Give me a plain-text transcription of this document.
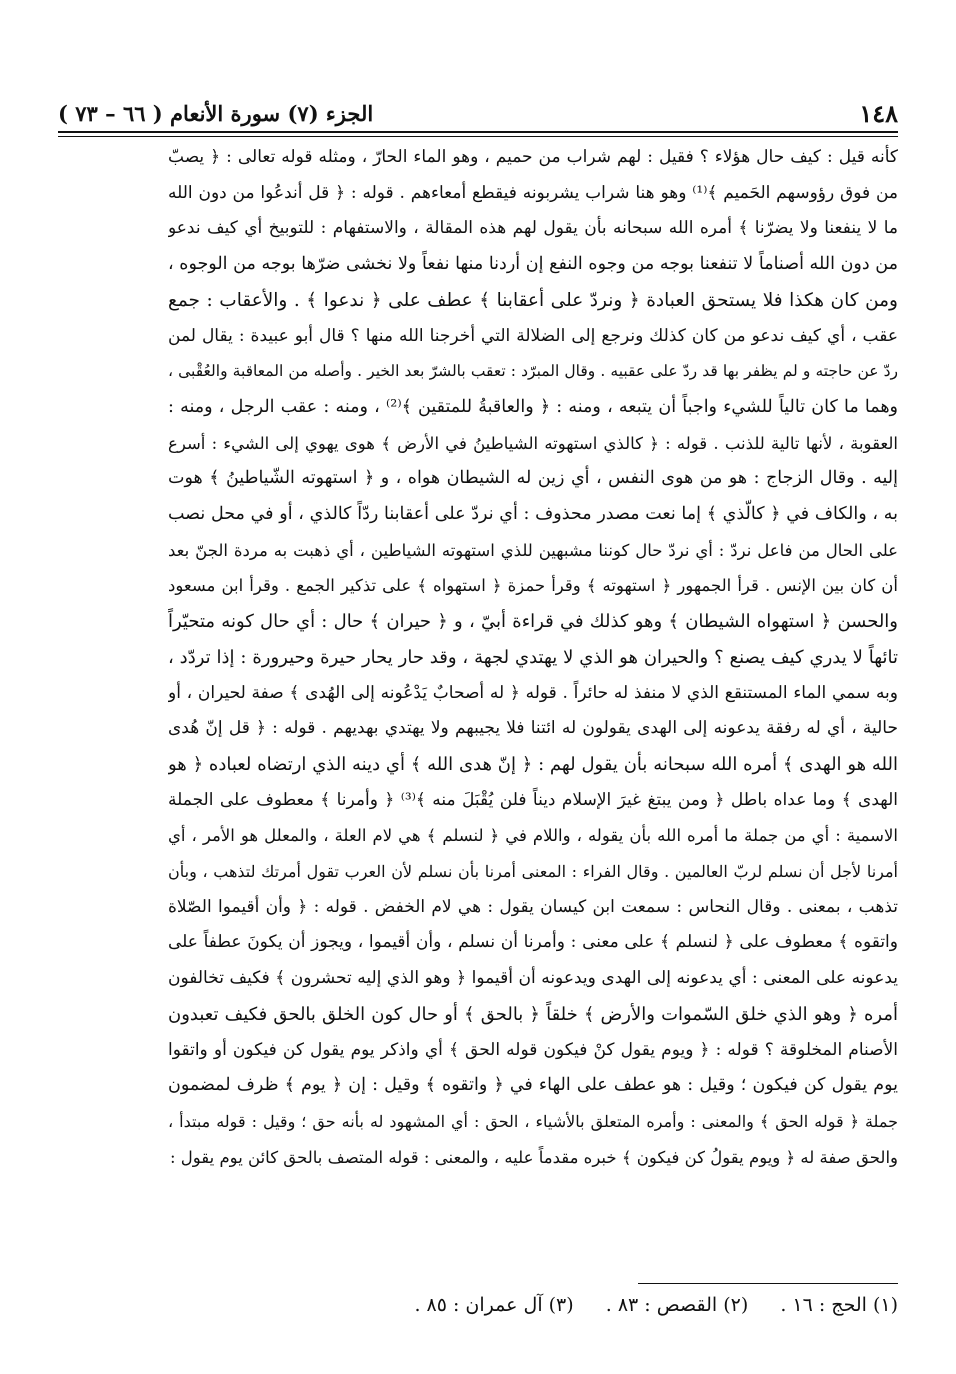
١٤٨
الجزء (٧) سورة الأنعام ( ٦٦ – ٧٣ )
كأنه قيل : كيف حال هؤلاء ؟ فقيل : لهم شراب من حميم ، وهو الماء الحارّ ، ومثله قوله تعالى : ﴿ يصبّ
من فوق رؤوسهم الحَميم ﴾⁽¹⁾ وهو هنا شراب يشربونه فيقطع أمعاءهم . قوله : ﴿ قل أندعُوا من دون الله
ما لا ينفعنا ولا يضرّنا ﴾ أمره الله سبحانه بأن يقول لهم هذه المقالة ، والاستفهام : للتوبيخ أي كيف ندعو
من دون الله أصناماً لا تنفعنا بوجه من وجوه النفع إن أردنا منها نفعاً ولا نخشى ضرّها بوجه من الوجوه ،
ومن كان هكذا فلا يستحق العبادة ﴿ ونردّ على أعقابنا ﴾ عطف على ﴿ ندعوا ﴾ . والأعقاب : جمع
عقب ، أي كيف ندعو من كان كذلك ونرجع إلى الضلالة التي أخرجنا الله منها ؟ قال أبو عبيدة : يقال لمن
ردّ عن حاجته و لم يظفر بها قد ردّ على عقبيه . وقال المبرّد : تعقب بالشرّ بعد الخير . وأصله من المعاقبة والعُقْبى ،
وهما ما كان تالياً للشيء واجباً أن يتبعه ، ومنه : ﴿ والعاقبةُ للمتقين ﴾⁽²⁾ ، ومنه : عقب الرجل ، ومنه :
العقوبة ، لأنها تالية للذنب . قوله : ﴿ كالذي استهوته الشياطينُ في الأرض ﴾ هوى يهوي إلى الشيء : أسرع
إليه . وقال الزجاج : هو من هوى النفس ، أي زين له الشيطان هواه ، و ﴿ استهوته الشّياطينُ ﴾ هوت
به ، والكاف في ﴿ كالّذي ﴾ إما نعت مصدر محذوف : أي نردّ على أعقابنا ردّاً كالذي ، أو في محل نصب
على الحال من فاعل نردّ : أي نردّ حال كوننا مشبهين للذي استهوته الشياطين ، أي ذهبت به مردة الجنّ بعد
أن كان بين الإنس . قرأ الجمهور ﴿ استهوته ﴾ وقرأ حمزة ﴿ استهواه ﴾ على تذكير الجمع . وقرأ ابن مسعود
والحسن ﴿ استهواه الشيطان ﴾ وهو كذلك في قراءة أبيّ ، و ﴿ حيران ﴾ حال : أي حال كونه متحيّراً
تائهاً لا يدري كيف يصنع ؟ والحيران هو الذي لا يهتدي لجهة ، وقد حار يحار حيرة وحيرورة : إذا تردّد ،
وبه سمي الماء المستنقع الذي لا منفذ له حائراً . قوله ﴿ له أصحابٌ يَدْعُونه إلى الهُدى ﴾ صفة لحيران ، أو
حالية ، أي له رفقة يدعونه إلى الهدى يقولون له ائتنا فلا يجيبهم ولا يهتدي بهديهم . قوله : ﴿ قل إنّ هُدى
الله هو الهدى ﴾ أمره الله سبحانه بأن يقول لهم : ﴿ إنّ هدى الله ﴾ أي دينه الذي ارتضاه لعباده ﴿ هو
الهدى ﴾ وما عداه باطل ﴿ ومن يبتغ غيرَ الإسلام ديناً فلن يُقْبَلَ منه ﴾⁽³⁾ ﴿ وأمرنا ﴾ معطوف على الجملة
الاسمية : أي من جملة ما أمره الله بأن يقوله ، واللام في ﴿ لنسلم ﴾ هي لام العلة ، والمعلل هو الأمر ، أي
أمرنا لأجل أن نسلم لربّ العالمين . وقال الفراء : المعنى أمرنا بأن نسلم لأن العرب تقول أمرتك لتذهب ، وبأن
تذهب ، بمعنى . وقال النحاس : سمعت ابن كيسان يقول : هي لام الخفض . قوله : ﴿ وأن أقيموا الصّلاة
واتقوه ﴾ معطوف على ﴿ لنسلم ﴾ على معنى : وأمرنا أن نسلم ، وأن أقيموا ، ويجوز أن يكونَ عطفاً على
يدعونه على المعنى : أي يدعونه إلى الهدى ويدعونه أن أقيموا ﴿ وهو الذي إليه تحشرون ﴾ فكيف تخالفون
أمره ﴿ وهو الذي خلق السّموات والأرض ﴾ خلقاً ﴿ بالحق ﴾ أو حال كون الخلق بالحق فكيف تعبدون
الأصنام المخلوقة ؟ قوله : ﴿ ويوم يقول كنْ فيكون قوله الحق ﴾ أي واذكر يوم يقول كن فيكون أو واتقوا
يوم يقول كن فيكون ؛ وقيل : هو عطف على الهاء في ﴿ واتقوه ﴾ وقيل : إن ﴿ يوم ﴾ ظرف لمضمون
جملة ﴿ قوله الحق ﴾ والمعنى : وأمره المتعلق بالأشياء ، الحق : أي المشهود له بأنه حق ؛ وقيل : قوله مبتدأ ،
والحق صفة له ﴿ ويوم يقولُ كن فيكون ﴾ خبره مقدماً عليه ، والمعنى : قوله المتصف بالحق كائن يوم يقول :
(١) الحج : ١٦ . (٢) القصص : ٨٣ . (٣) آل عمران : ٨٥ .
